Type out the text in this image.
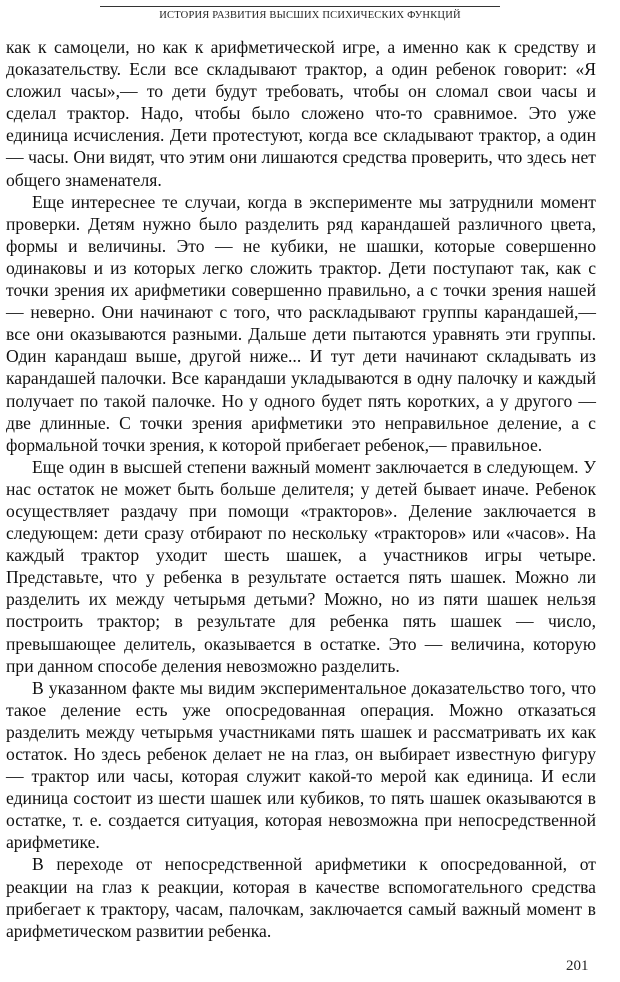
ИСТОРИЯ РАЗВИТИЯ ВЫСШИХ ПСИХИЧЕСКИХ ФУНКЦИЙ

как к самоцели, но как к арифметической игре, а именно как к средству и доказательству. Если все складывают трактор, а один ребенок говорит: «Я сложил часы»,— то дети будут требовать, чтобы он сломал свои часы и сделал трактор. Надо, чтобы было сложено что-то сравнимое. Это уже единица исчисления. Дети протестуют, когда все складывают трактор, а один — часы. Они видят, что этим они лишаются средства проверить, что здесь нет общего знаменателя.

Еще интереснее те случаи, когда в эксперименте мы затруднили момент проверки. Детям нужно было разделить ряд карандашей различного цвета, формы и величины. Это — не кубики, не шашки, которые совершенно одинаковы и из которых легко сложить трактор. Дети поступают так, как с точки зрения их арифметики совершенно правильно, а с точки зрения нашей — неверно. Они начинают с того, что раскладывают группы карандашей,— все они оказываются разными. Дальше дети пытаются уравнять эти группы. Один карандаш выше, другой ниже... И тут дети начинают складывать из карандашей палочки. Все карандаши укладываются в одну палочку и каждый получает по такой палочке. Но у одного будет пять коротких, а у другого — две длинные. С точки зрения арифметики это неправильное деление, а с формальной точки зрения, к которой прибегает ребенок,— правильное.

Еще один в высшей степени важный момент заключается в следующем. У нас остаток не может быть больше делителя; у детей бывает иначе. Ребенок осуществляет раздачу при помощи «тракторов». Деление заключается в следующем: дети сразу отбирают по нескольку «тракторов» или «часов». На каждый трактор уходит шесть шашек, а участников игры четыре. Представьте, что у ребенка в результате остается пять шашек. Можно ли разделить их между четырьмя детьми? Можно, но из пяти шашек нельзя построить трактор; в результате для ребенка пять шашек — число, превышающее делитель, оказывается в остатке. Это — величина, которую при данном способе деления невозможно разделить.

В указанном факте мы видим экспериментальное доказательство того, что такое деление есть уже опосредованная операция. Можно отказаться разделить между четырьмя участниками пять шашек и рассматривать их как остаток. Но здесь ребенок делает не на глаз, он выбирает известную фигуру — трактор или часы, которая служит какой-то мерой как единица. И если единица состоит из шести шашек или кубиков, то пять шашек оказываются в остатке, т. е. создается ситуация, которая невозможна при непосредственной арифметике.

В переходе от непосредственной арифметики к опосредованной, от реакции на глаз к реакции, которая в качестве вспомогательного средства прибегает к трактору, часам, палочкам, заключается самый важный момент в арифметическом развитии ребенка.

201
